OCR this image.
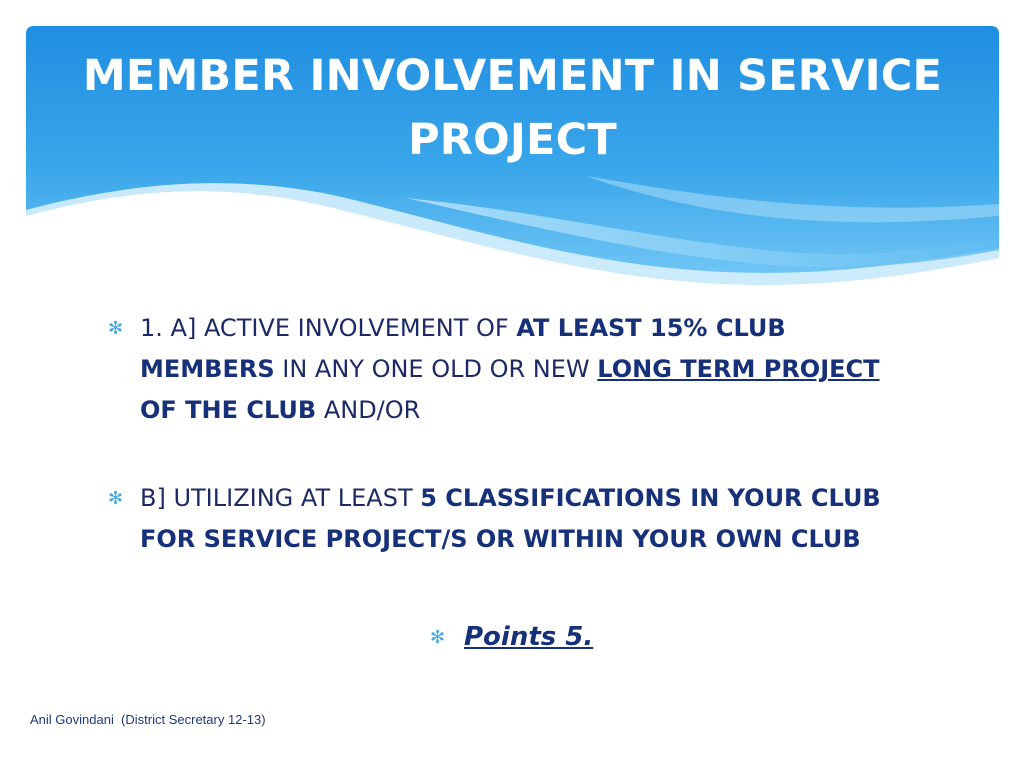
MEMBER INVOLVEMENT IN SERVICE PROJECT

✻ 1. A] ACTIVE INVOLVEMENT OF AT LEAST 15% CLUB MEMBERS IN ANY ONE OLD OR NEW LONG TERM PROJECT OF THE CLUB AND/OR

✻ B] UTILIZING AT LEAST 5 CLASSIFICATIONS IN YOUR CLUB FOR SERVICE PROJECT/S OR WITHIN YOUR OWN CLUB

✻ Points 5.
Anil Govindani  (District Secretary 12-13)
